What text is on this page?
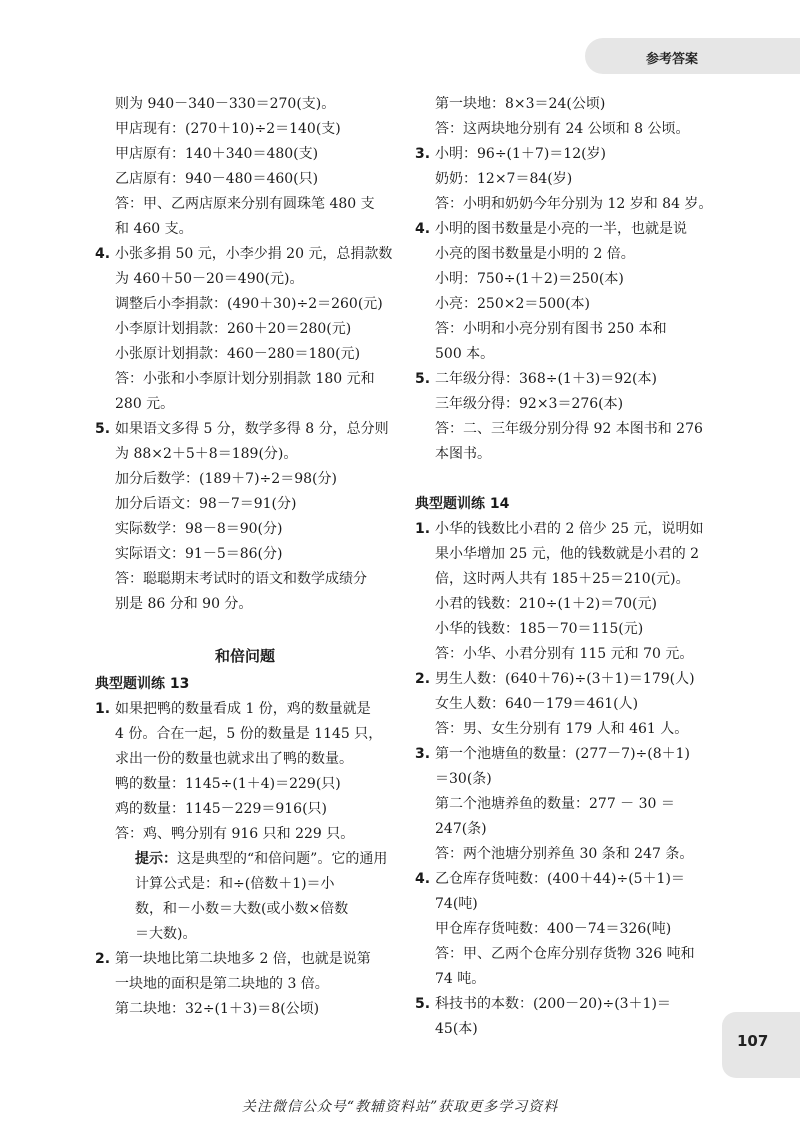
参考答案
则为 940－340－330＝270(支)。
甲店现有：(270＋10)÷2＝140(支)
甲店原有：140＋340＝480(支)
乙店原有：940－480＝460(只)
答：甲、乙两店原来分别有圆珠笔 480 支
和 460 支。
4. 小张多捐 50 元，小李少捐 20 元，总捐款数
为 460＋50－20＝490(元)。
调整后小李捐款：(490＋30)÷2＝260(元)
小李原计划捐款：260＋20＝280(元)
小张原计划捐款：460－280＝180(元)
答：小张和小李原计划分别捐款 180 元和
280 元。
5. 如果语文多得 5 分，数学多得 8 分，总分则
为 88×2＋5＋8＝189(分)。
加分后数学：(189＋7)÷2＝98(分)
加分后语文：98－7＝91(分)
实际数学：98－8＝90(分)
实际语文：91－5＝86(分)
答：聪聪期末考试时的语文和数学成绩分
别是 86 分和 90 分。
和倍问题
典型题训练 13
1. 如果把鸭的数量看成 1 份，鸡的数量就是
4 份。合在一起，5 份的数量是 1145 只，
求出一份的数量也就求出了鸭的数量。
鸭的数量：1145÷(1＋4)＝229(只)
鸡的数量：1145－229＝916(只)
答：鸡、鸭分别有 916 只和 229 只。
提示：这是典型的“和倍问题”。它的通用
计算公式是：和÷(倍数＋1)＝小
数，和－小数＝大数(或小数×倍数
＝大数)。
2. 第一块地比第二块地多 2 倍，也就是说第
一块地的面积是第二块地的 3 倍。
第二块地：32÷(1＋3)＝8(公顷)
第一块地：8×3＝24(公顷)
答：这两块地分别有 24 公顷和 8 公顷。
3. 小明：96÷(1＋7)＝12(岁)
奶奶：12×7＝84(岁)
答：小明和奶奶今年分别为 12 岁和 84 岁。
4. 小明的图书数量是小亮的一半，也就是说
小亮的图书数量是小明的 2 倍。
小明：750÷(1＋2)＝250(本)
小亮：250×2＝500(本)
答：小明和小亮分别有图书 250 本和
500 本。
5. 二年级分得：368÷(1＋3)＝92(本)
三年级分得：92×3＝276(本)
答：二、三年级分别分得 92 本图书和 276
本图书。
典型题训练 14
1. 小华的钱数比小君的 2 倍少 25 元，说明如
果小华增加 25 元，他的钱数就是小君的 2
倍，这时两人共有 185＋25＝210(元)。
小君的钱数：210÷(1＋2)＝70(元)
小华的钱数：185－70＝115(元)
答：小华、小君分别有 115 元和 70 元。
2. 男生人数：(640＋76)÷(3＋1)＝179(人)
女生人数：640－179＝461(人)
答：男、女生分别有 179 人和 461 人。
3. 第一个池塘鱼的数量：(277－7)÷(8＋1)
＝30(条)
第二个池塘养鱼的数量：277 － 30 ＝
247(条)
答：两个池塘分别养鱼 30 条和 247 条。
4. 乙仓库存货吨数：(400＋44)÷(5＋1)＝
74(吨)
甲仓库存货吨数：400－74＝326(吨)
答：甲、乙两个仓库分别存货物 326 吨和
74 吨。
5. 科技书的本数：(200－20)÷(3＋1)＝
45(本)
107
关注微信公众号“教辅资料站”获取更多学习资料
